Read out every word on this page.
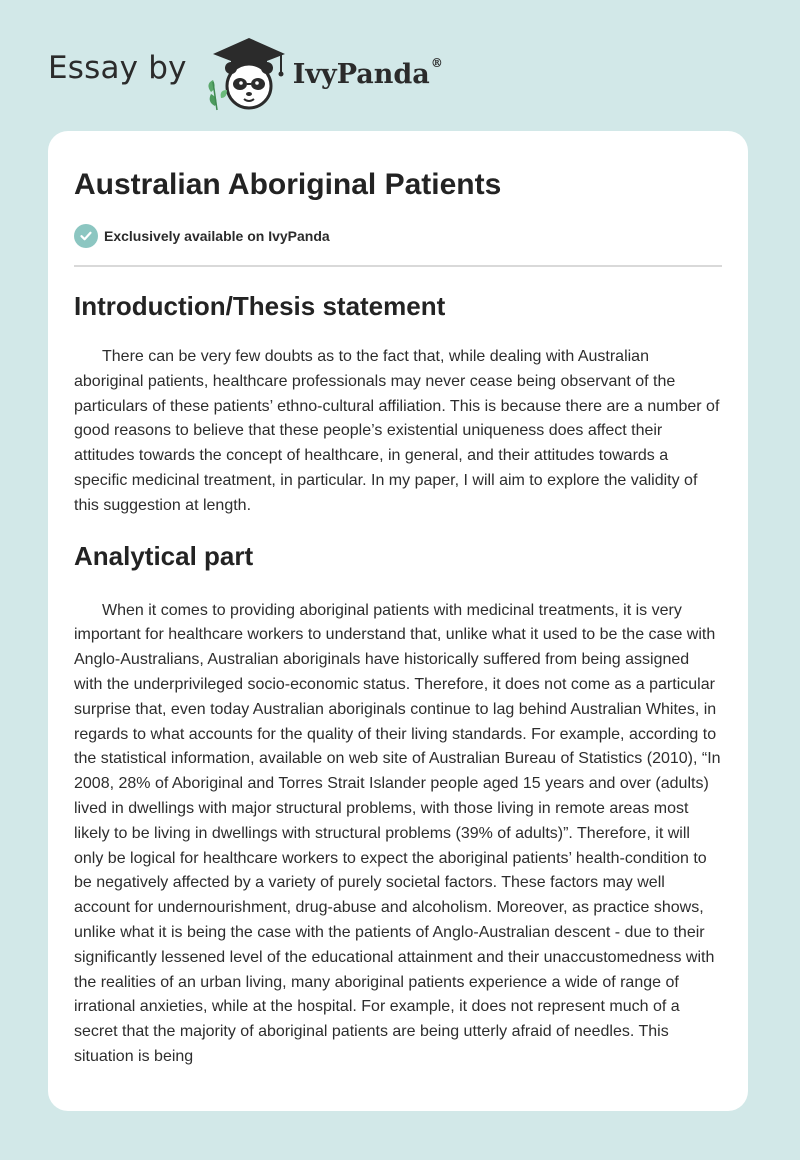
Essay by	IvyPanda®
Australian Aboriginal Patients
Exclusively available on IvyPanda
Introduction/Thesis statement

There can be very few doubts as to the fact that, while dealing with Australian aboriginal patients, healthcare professionals may never cease being observant of the particulars of these patients’ ethno-cultural affiliation. This is because there are a number of good reasons to believe that these people’s existential uniqueness does affect their attitudes towards the concept of healthcare, in general, and their attitudes towards a specific medicinal treatment, in particular. In my paper, I will aim to explore the validity of this suggestion at length.

Analytical part

When it comes to providing aboriginal patients with medicinal treatments, it is very important for healthcare workers to understand that, unlike what it used to be the case with Anglo-Australians, Australian aboriginals have historically suffered from being assigned with the underprivileged socio-economic status. Therefore, it does not come as a particular surprise that, even today Australian aboriginals continue to lag behind Australian Whites, in regards to what accounts for the quality of their living standards. For example, according to the statistical information, available on web site of Australian Bureau of Statistics (2010), “In 2008, 28% of Aboriginal and Torres Strait Islander people aged 15 years and over (adults) lived in dwellings with major structural problems, with those living in remote areas most likely to be living in dwellings with structural problems (39% of adults)”. Therefore, it will only be logical for healthcare workers to expect the aboriginal patients’ health-condition to be negatively affected by a variety of purely societal factors. These factors may well account for undernourishment, drug-abuse and alcoholism. Moreover, as practice shows, unlike what it is being the case with the patients of Anglo-Australian descent - due to their significantly lessened level of the educational attainment and their unaccustomedness with the realities of an urban living, many aboriginal patients experience a wide of range of irrational anxieties, while at the hospital. For example, it does not represent much of a secret that the majority of aboriginal patients are being utterly afraid of needles. This situation is being
